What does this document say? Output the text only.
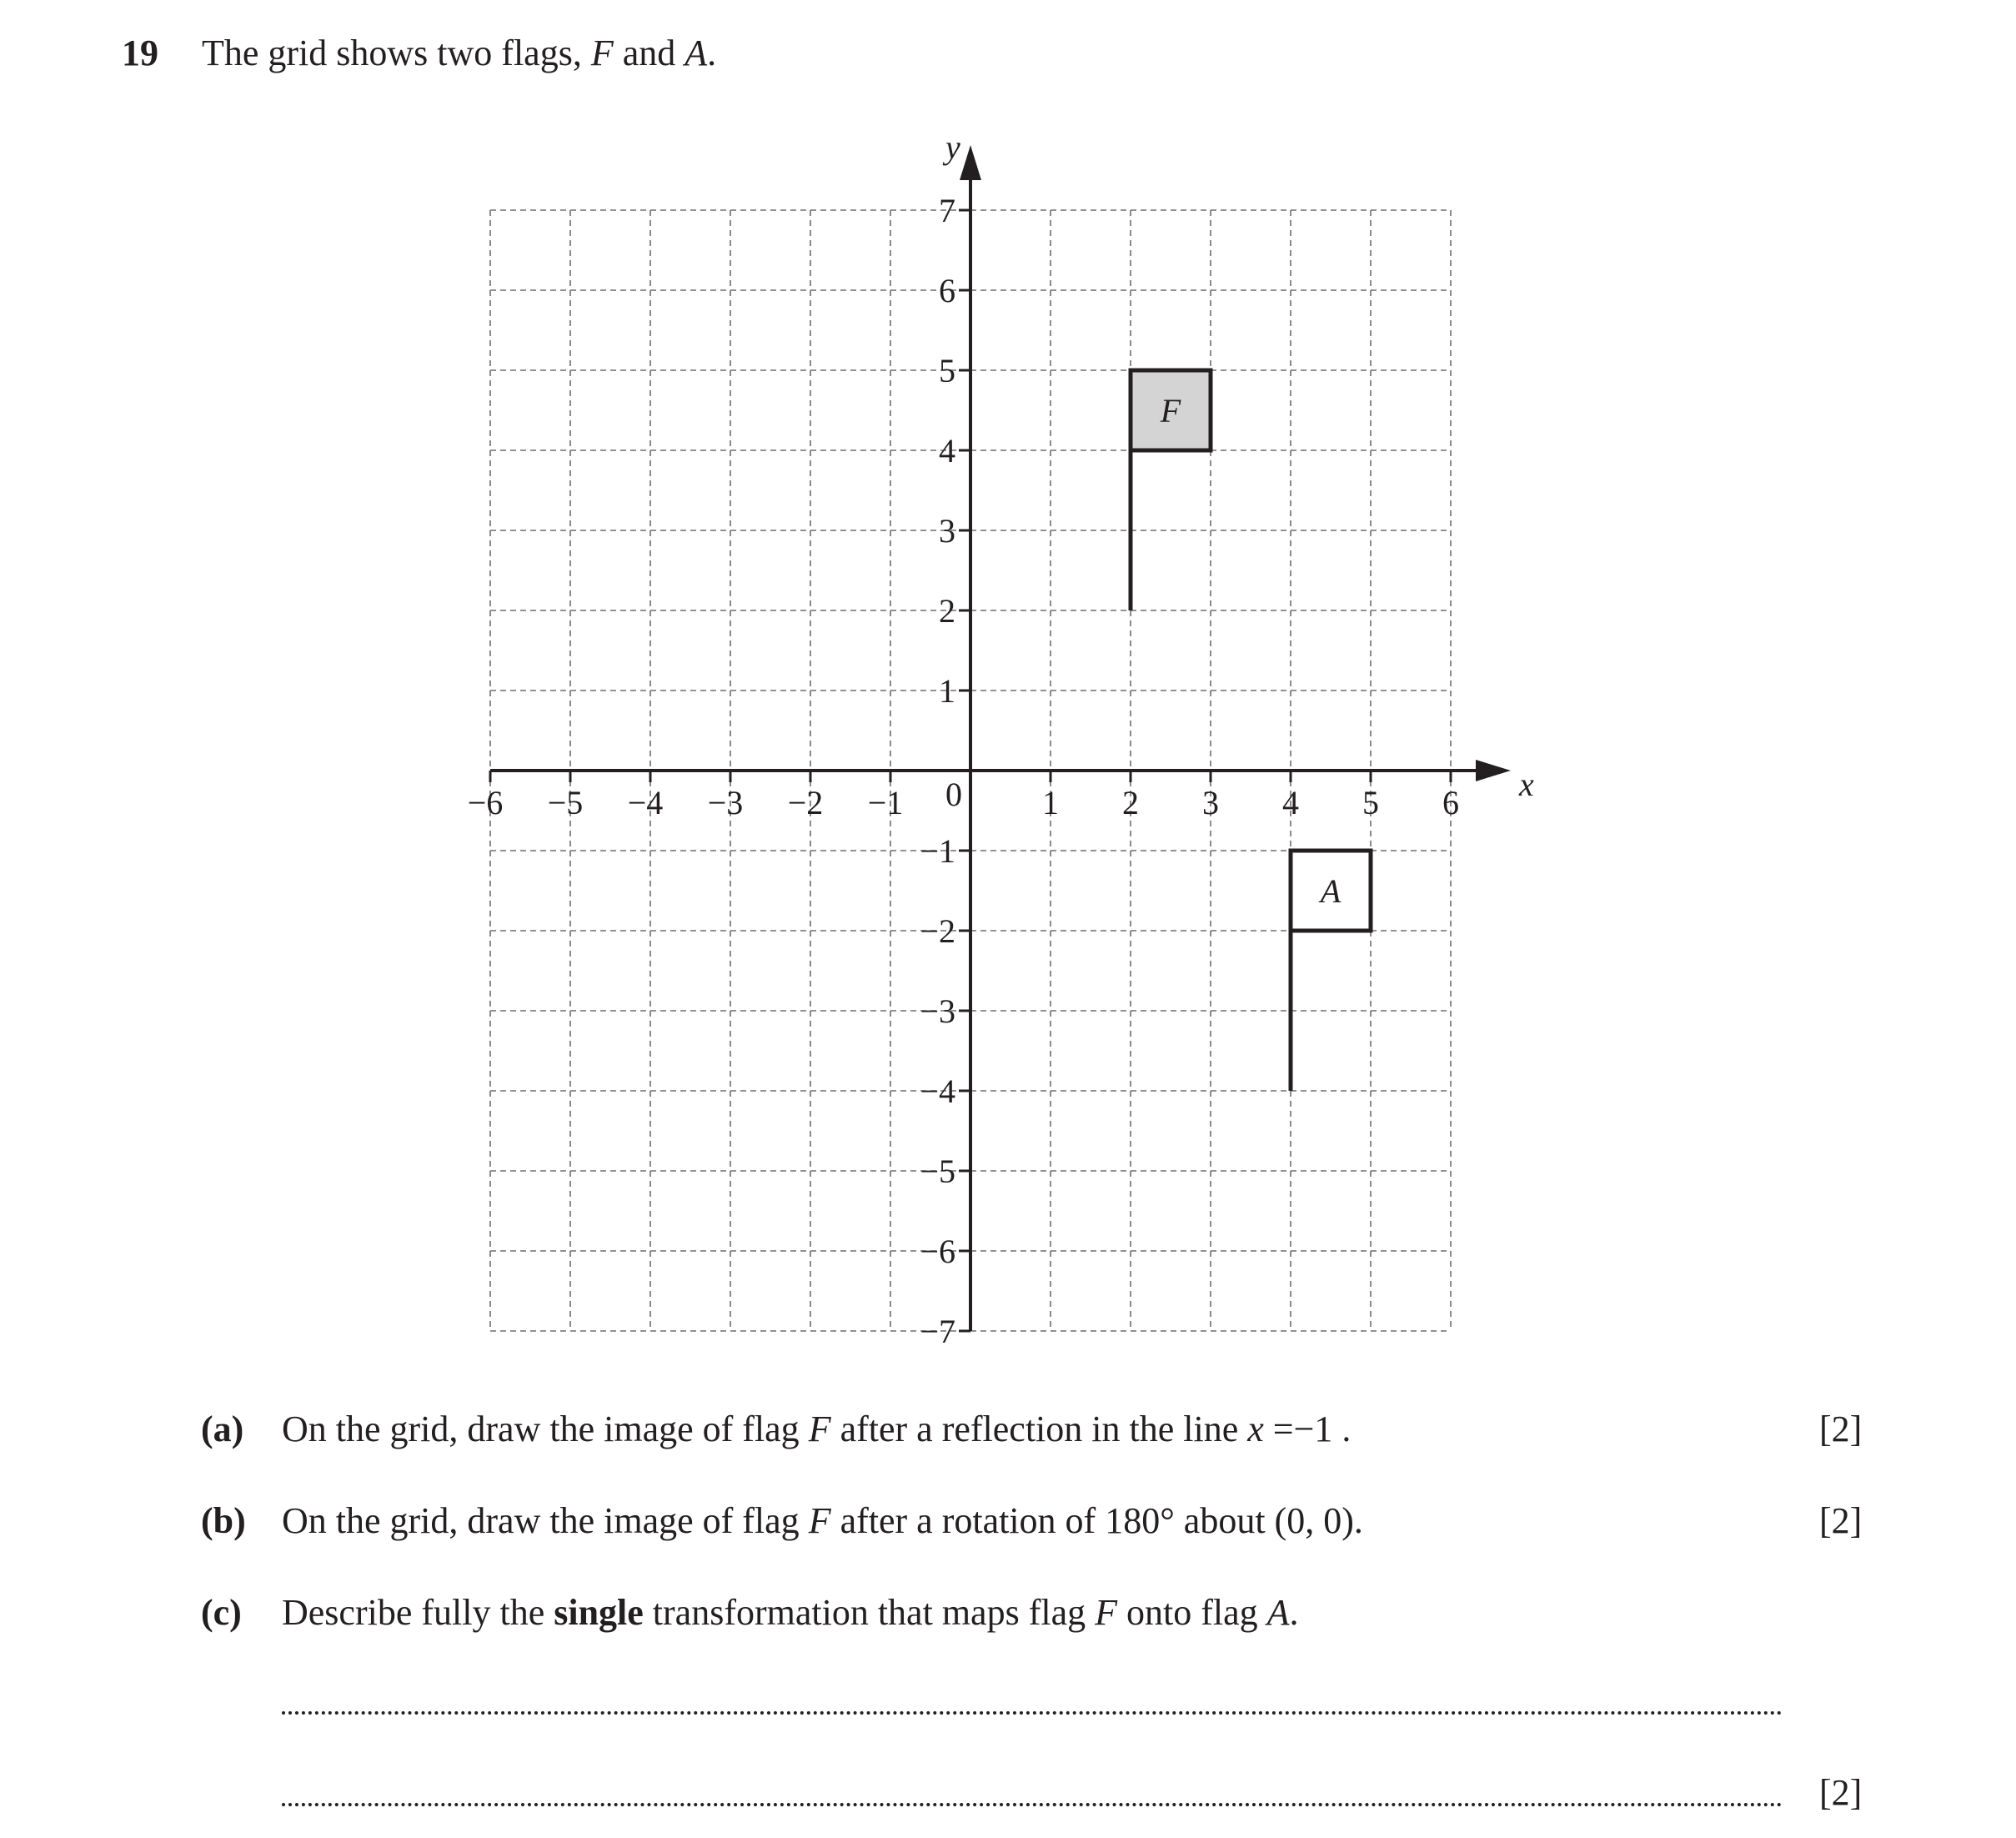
19 The grid shows two flags, F and A.
F
A
−6 −5 −4 −3 −2 −1	1 2 3 4 5 6
7
6
5
4
3
2
1
−1
−2
−3
−4
−5
−6
−7
0	x
y
(a) On the grid, draw the image of flag F after a reflection in the line x =−1 .	[2]
(b) On the grid, draw the image of flag F after a rotation of 180° about (0, 0).	[2]
(c) Describe fully the single transformation that maps flag F onto flag A.
[2]
